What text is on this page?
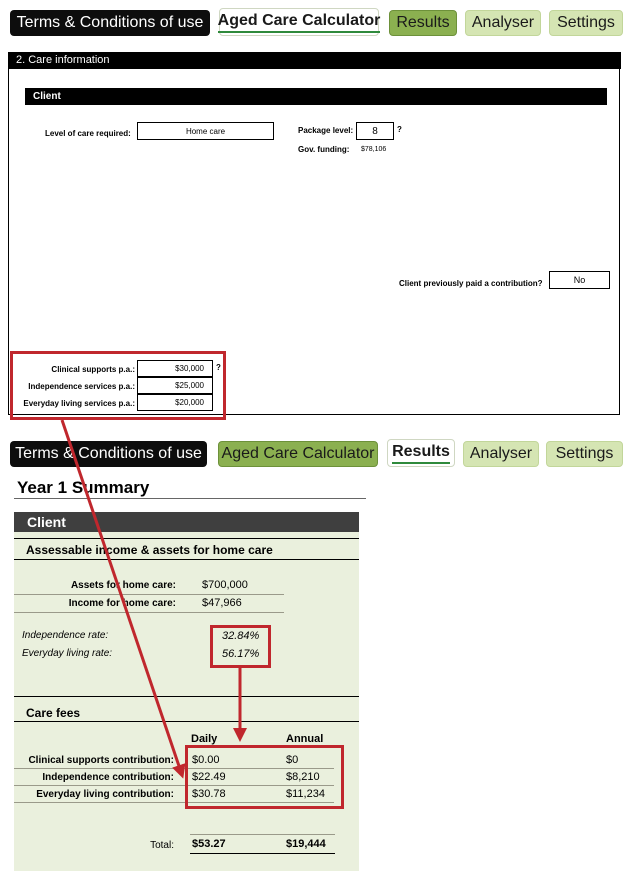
Terms & Conditions of use Aged Care Calculator Results	Analyser	Settings
2. Care information
Client
Level of care required:	Home care	Package level:	8	?
Gov. funding: $78,106
Client previously paid a contribution?	No
Clinical supports p.a.:	$30,000	?
Independence services p.a.:	$25,000
Everyday living services p.a.:	$20,000
Terms & Conditions of use	Aged Care Calculator Results	Analyser	Settings
Year 1 Summary
Client
Assessable income & assets for home care
Assets for home care: $700,000
Income for home care: $47,966
Independence rate:	32.84%
Everyday living rate:	56.17%
Care fees
Daily	Annual
Clinical supports contribution: $0.00	$0
Independence contribution: $22.49	$8,210
Everyday living contribution: $30.78	$11,234
Total: $53.27	$19,444
